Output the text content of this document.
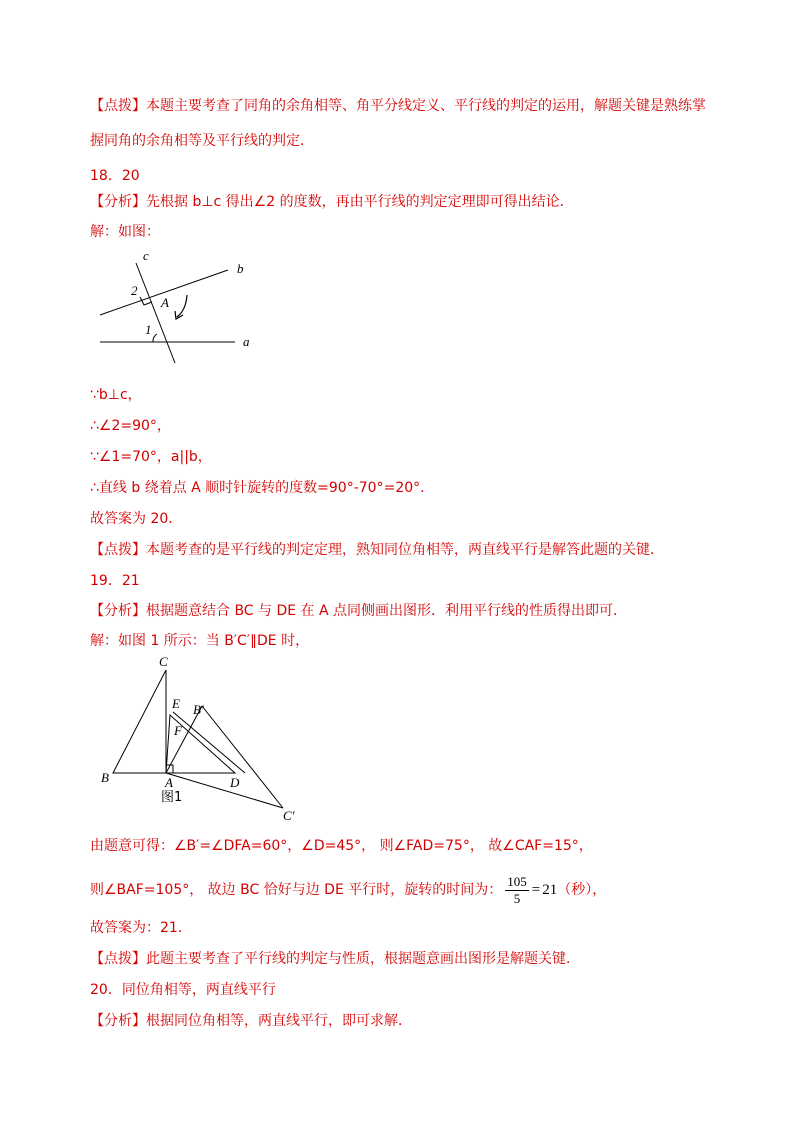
【点拨】本题主要考查了同角的余角相等、角平分线定义、平行线的判定的运用，解题关键是熟练掌
握同角的余角相等及平行线的判定．
18．20
【分析】先根据 b⊥c 得出∠2 的度数，再由平行线的判定定理即可得出结论．
解：如图：
c
b
a
2
1
A
∵b⊥c，
∴∠2=90°，
∵∠1=70°，a||b，
∴直线 b 绕着点 A 顺时针旋转的度数=90°-70°=20°．
故答案为 20．
【点拨】本题考查的是平行线的判定定理，熟知同位角相等，两直线平行是解答此题的关键．
19．21
【分析】根据题意结合 BC 与 DE 在 A 点同侧画出图形．利用平行线的性质得出即可．
解：如图 1 所示：当 B′C′∥DE 时，
C
E B′
F
B	A	D
C′
图1
由题意可得：∠B′=∠DFA=60°，∠D=45°， 则∠FAD=75°， 故∠CAF=15°，
则∠BAF=105°， 故边 BC 恰好与边 DE 平行时，旋转的时间为： $\frac{105}{5} = 21$（秒），
故答案为：21．
【点拨】此题主要考查了平行线的判定与性质，根据题意画出图形是解题关键．
20．同位角相等，两直线平行
【分析】根据同位角相等，两直线平行，即可求解．
